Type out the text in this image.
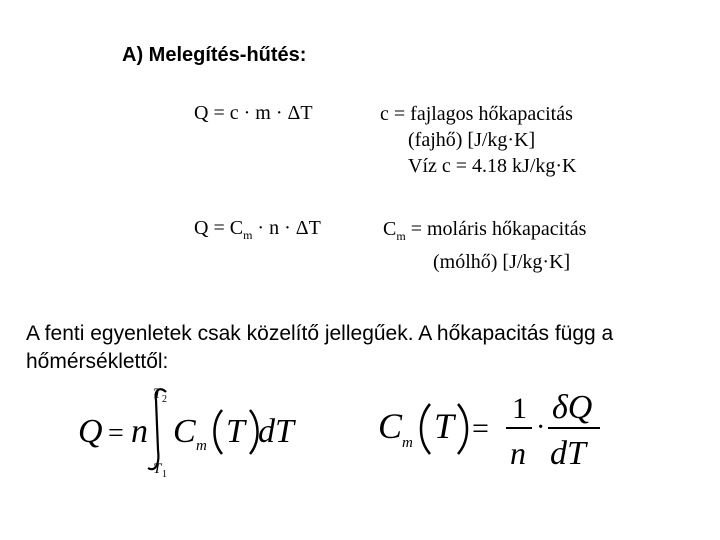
A) Melegítés-hűtés:
Q = c · m · ΔT	c = fajlagos hőkapacitás
(fajhő) [J/kg·K]
Víz c = 4.18 kJ/kg·K
$Q = C_m \cdot n \cdot \Delta T$	$C_m$ = moláris hőkapacitás
(mólhő) [J/kg·K]
A fenti egyenletek csak közelítő jellegűek. A hőkapacitás függ a hőmérséklettől:
Q = n
T 2
T 1
C m T dT C m T =
1
n
·
δQ
dT
